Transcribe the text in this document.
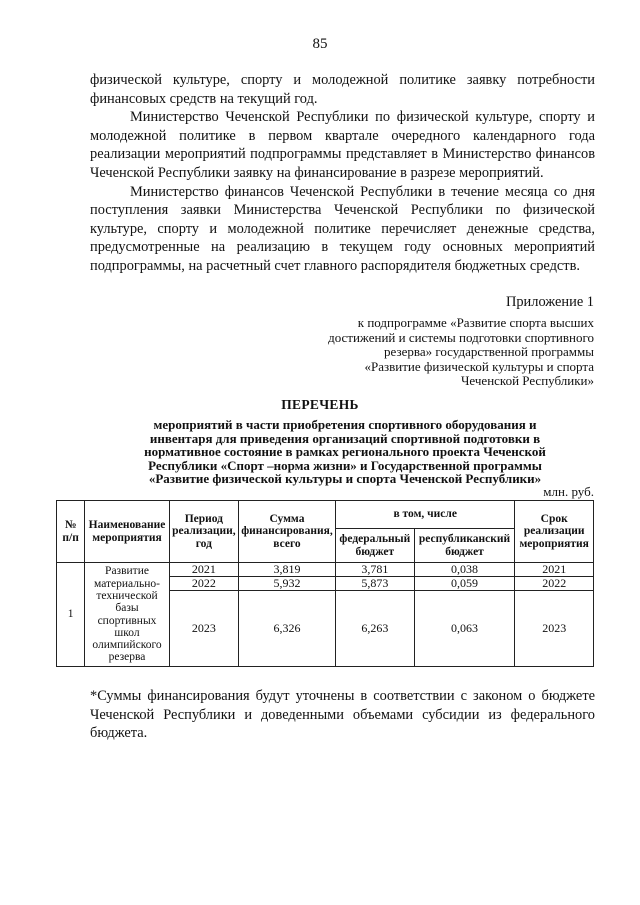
85

физической культуре, спорту и молодежной политике заявку потребности финансовых средств на текущий год.

Министерство Чеченской Республики по физической культуре, спорту и молодежной политике в первом квартале очередного календарного года реализации мероприятий подпрограммы представляет в Министерство финансов Чеченской Республики заявку на финансирование в разрезе мероприятий.

Министерство финансов Чеченской Республики в течение месяца со дня поступления заявки Министерства Чеченской Республики по физической культуре, спорту и молодежной политике перечисляет денежные средства, предусмотренные на реализацию в текущем году основных мероприятий подпрограммы, на расчетный счет главного распорядителя бюджетных средств.

Приложение 1
к подпрограмме «Развитие спорта высших
достижений и системы подготовки спортивного
резерва» государственной программы
«Развитие физической культуры и спорта
Чеченской Республики»
ПЕРЕЧЕНЬ
мероприятий в части приобретения спортивного оборудования и
инвентаря для приведения организаций спортивной подготовки в
нормативное состояние в рамках регионального проекта Чеченской
Республики «Спорт –норма жизни» и Государственной программы
«Развитие физической культуры и спорта Чеченской Республики»
млн. руб.
№ п/п	Наименование мероприятия	Период реализации, год	Сумма финансирования, всего	в том, числе		Срок реализации мероприятия
				федеральный бюджет	республиканский бюджет	
1	Развитие материально-технической базы спортивных школ олимпийского резерва	2021	3,819	3,781	0,038	2021
		2022	5,932	5,873	0,059	2022
		2023	6,326	6,263	0,063	2023
*Суммы финансирования будут уточнены в соответствии с законом о бюджете Чеченской Республики и доведенными объемами субсидии из федерального бюджета.
